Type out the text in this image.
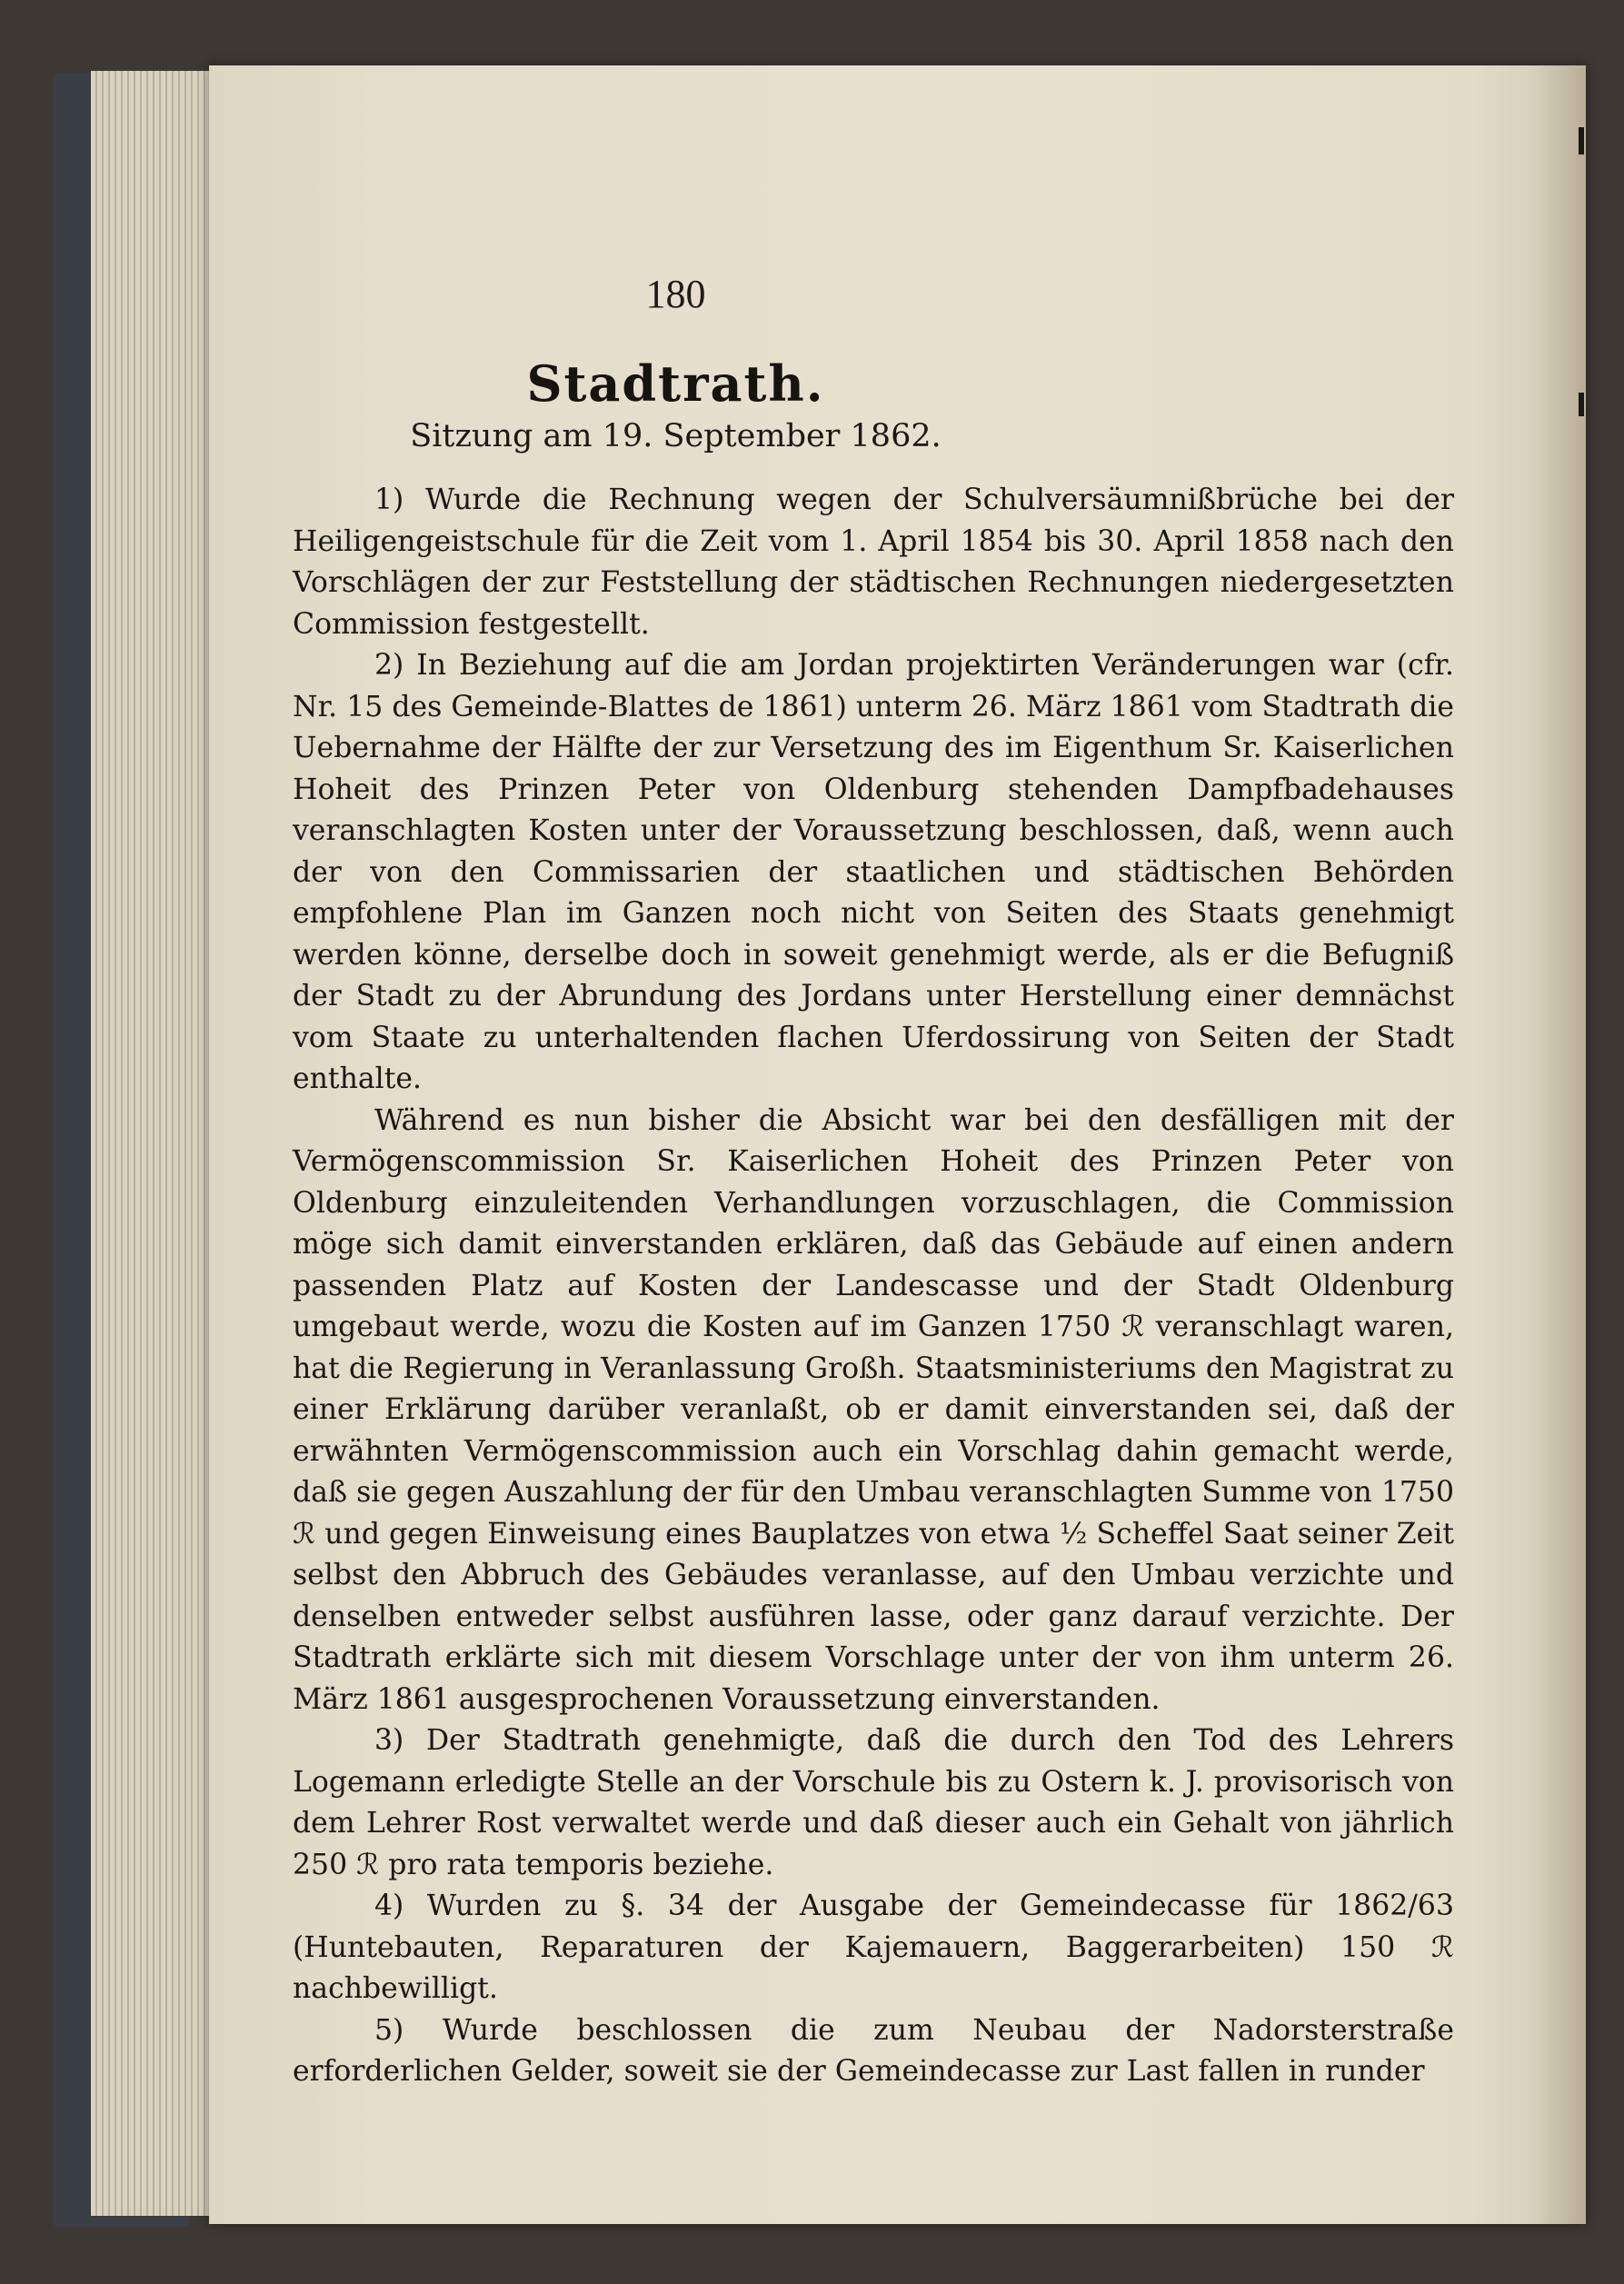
180
Stadtrath.
Sitzung am 19. September 1862.

1) Wurde die Rechnung wegen der Schulversäumnißbrüche bei der Heiligengeistschule für die Zeit vom 1. April 1854 bis 30. April 1858 nach den Vorschlägen der zur Feststellung der städtischen Rechnungen niedergesetzten Commission festgestellt.

2) In Beziehung auf die am Jordan projektirten Veränderungen war (cfr. Nr. 15 des Gemeinde-Blattes de 1861) unterm 26. März 1861 vom Stadtrath die Uebernahme der Hälfte der zur Versetzung des im Eigenthum Sr. Kaiserlichen Hoheit des Prinzen Peter von Oldenburg stehenden Dampfbadehauses veranschlagten Kosten unter der Voraussetzung beschlossen, daß, wenn auch der von den Commissarien der staatlichen und städtischen Behörden empfohlene Plan im Ganzen noch nicht von Seiten des Staats genehmigt werden könne, derselbe doch in soweit genehmigt werde, als er die Befugniß der Stadt zu der Abrundung des Jordans unter Herstellung einer demnächst vom Staate zu unterhaltenden flachen Uferdossirung von Seiten der Stadt enthalte.

Während es nun bisher die Absicht war bei den desfälligen mit der Vermögenscommission Sr. Kaiserlichen Hoheit des Prinzen Peter von Oldenburg einzuleitenden Verhandlungen vorzuschlagen, die Commission möge sich damit einverstanden erklären, daß das Gebäude auf einen andern passenden Platz auf Kosten der Landescasse und der Stadt Oldenburg umgebaut werde, wozu die Kosten auf im Ganzen 1750 ℛ veranschlagt waren, hat die Regierung in Veranlassung Großh. Staatsministeriums den Magistrat zu einer Erklärung darüber veranlaßt, ob er damit einverstanden sei, daß der erwähnten Vermögenscommission auch ein Vorschlag dahin gemacht werde, daß sie gegen Auszahlung der für den Umbau veranschlagten Summe von 1750 ℛ und gegen Einweisung eines Bauplatzes von etwa ½ Scheffel Saat seiner Zeit selbst den Abbruch des Gebäudes veranlasse, auf den Umbau verzichte und denselben entweder selbst ausführen lasse, oder ganz darauf verzichte. Der Stadtrath erklärte sich mit diesem Vorschlage unter der von ihm unterm 26. März 1861 ausgesprochenen Voraussetzung einverstanden.

3) Der Stadtrath genehmigte, daß die durch den Tod des Lehrers Logemann erledigte Stelle an der Vorschule bis zu Ostern k. J. provisorisch von dem Lehrer Rost verwaltet werde und daß dieser auch ein Gehalt von jährlich 250 ℛ pro rata temporis beziehe.

4) Wurden zu §. 34 der Ausgabe der Gemeindecasse für 1862/63 (Huntebauten, Reparaturen der Kajemauern, Baggerarbeiten) 150 ℛ nachbewilligt.

5) Wurde beschlossen die zum Neubau der Nadorsterstraße erforderlichen Gelder, soweit sie der Gemeindecasse zur Last fallen in runder
